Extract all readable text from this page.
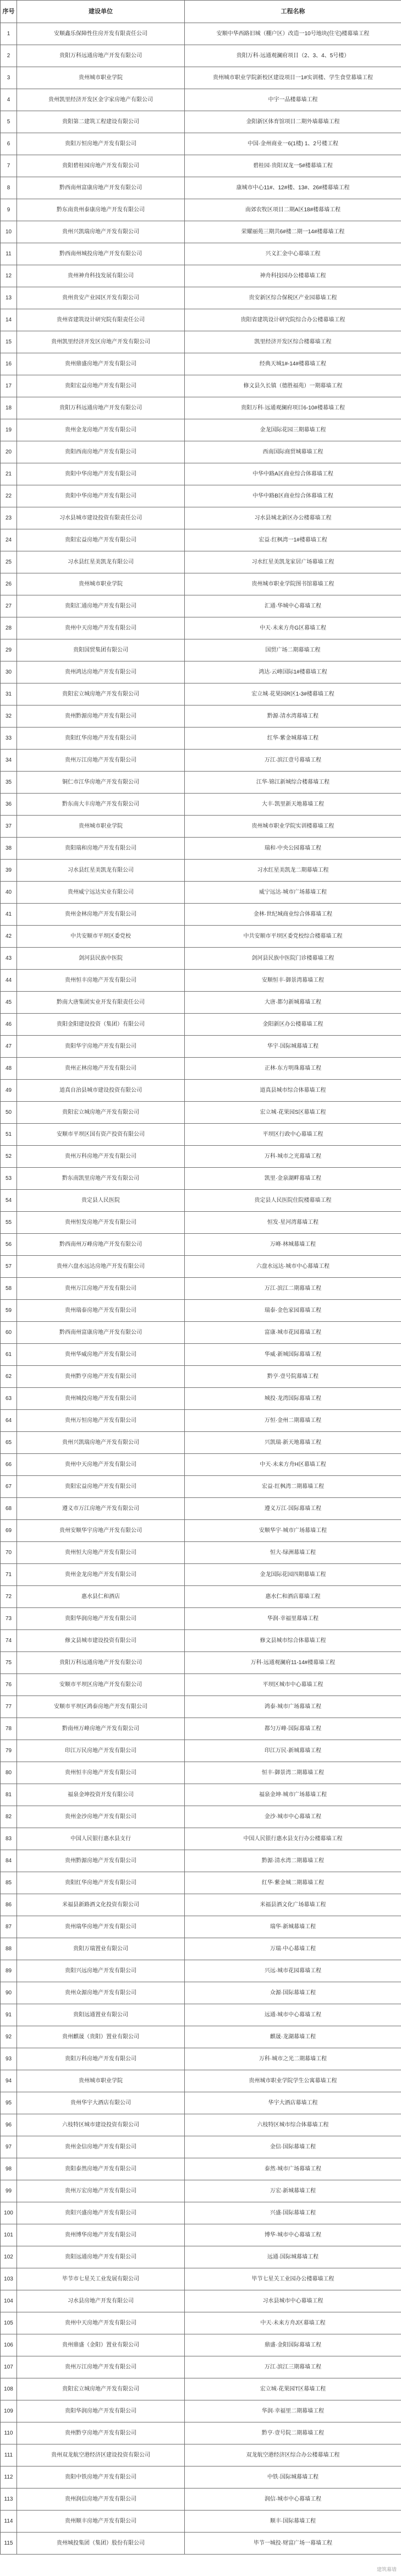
序号	建设单位	工程名称
1	安顺鑫乐保障性住房开发有限责任公司	安顺中华西路旧城（棚户区）改造一10号地块(住宅)楼幕墙工程
2	贵阳万科远通房地产开发有限公司	贵阳万科·远通观澜府项目（2、3、4、5号楼）
3	贵州城市职业学院	贵州城市职业学院新校区建设项目一1#实训楼、学生食堂幕墙工程
4	贵州凯里经济开发区金字家房地产有限公司	中宇一品楼幕墙工程
5	贵阳第二建筑工程建设有限公司	金阳新区体育馆项目二期外墙幕墙工程
6	贵阳万恒房地产开发有限公司	中国·金州商业一6(1楼) 1、2号楼工程
7	贵阳碧桂园房地产开发有限公司	碧桂园·贵阳双龙一5#楼幕墙工程
8	黔西南州富康房地产开发有限公司	康城市中心11#、12#楼、13#、26#楼幕墙工程
9	黔东南贵州泰康房地产开发有限公司	南郊农牧区项目二期A区18#楼幕墙工程
10	贵州兴凯瑞房地产开发有限公司	荣耀丽苑三期共6#楼二期一14#楼幕墙工程
11	黔西南州城投房地产开发有限公司	兴义汇金中心幕墙工程
12	贵州神舟科技发展有限公司	神舟科技园办公楼幕墙工程
13	贵州贵安产业园区开发有限公司	贵安新区综合保税区产业园幕墙工程
14	贵州省建筑设计研究院有限责任公司	贵阳省建筑设计研究院综合办公楼幕墙工程
15	贵州凯里经济开发区房地产开发有限公司	凯里经济开发区综合楼幕墙工程
16	贵州鼎盛房地产开发有限公司	经典天城1#-14#楼幕墙工程
17	贵阳宏益房地产开发有限公司	修文县久长镇（德胜福苑）一期幕墙工程
18	贵阳万科远通房地产开发有限公司	贵阳万科·远通观澜府项目6-10#楼幕墙工程
19	贵州金龙房地产开发有限公司	金龙国际花园三期幕墙工程
20	贵阳西南房地产开发有限公司	西南国际商贸城幕墙工程
21	贵阳中华房地产开发有限公司	中华中路A区商业综合体幕墙工程
22	贵阳中华房地产开发有限公司	中华中路B区商业综合体幕墙工程
23	习水县城市建设投资有限责任公司	习水县城北新区办公楼幕墙工程
24	贵阳宏益房地产开发有限公司	宏益·红枫湾一1#楼幕墙工程
25	习水县红星美凯龙有限公司	习水红星美凯龙家居广场幕墙工程
26	贵州城市职业学院	贵州城市职业学院图书馆幕墙工程
27	贵阳汇通房地产开发有限公司	汇通·华城中心幕墙工程
28	贵州中天房地产开发有限公司	中天·未来方舟G区幕墙工程
29	贵阳国贸集团有限公司	国贸广场二期幕墙工程
30	贵州鸿达房地产开发有限公司	鸿达·云峰国际1#楼幕墙工程
31	贵阳宏立城房地产开发有限公司	宏立城·花果园R区1-3#楼幕墙工程
32	贵州黔源房地产开发有限公司	黔源·清水湾幕墙工程
33	贵阳红华房地产开发有限公司	红华·紫金城幕墙工程
34	贵州万江房地产开发有限公司	万江·滨江壹号幕墙工程
35	铜仁市江华房地产开发有限公司	江华·锦江新城综合楼幕墙工程
36	黔东南大丰房地产开发有限公司	大丰·凯里新天地幕墙工程
37	贵州城市职业学院	贵州城市职业学院实训楼幕墙工程
38	贵阳瑞和房地产开发有限公司	瑞和·中央公园幕墙工程
39	习水县红星美凯龙有限公司	习水红星美凯龙二期幕墙工程
40	贵州威宁远达实业有限公司	威宁远达·城市广场幕墙工程
41	贵州金林房地产开发有限公司	金林·世纪城商业综合体幕墙工程
42	中共安顺市平坝区委党校	中共安顺市平坝区委党校综合楼幕墙工程
43	剑河县民族中医院	剑河县民族中医院门诊楼幕墙工程
44	贵州恒丰房地产开发有限公司	安顺恒丰·御景湾幕墙工程
45	黔南大唐集团实业开发有限责任公司	大唐·都匀新城幕墙工程
46	贵阳金阳建设投资（集团）有限公司	金阳新区办公楼幕墙工程
47	贵阳华宇房地产开发有限公司	华宇·国际城幕墙工程
48	贵州正林房地产开发有限公司	正林·东方明珠幕墙工程
49	道真自治县城市建设投资有限公司	道真县城市综合体幕墙工程
50	贵阳宏立城房地产开发有限公司	宏立城·花果园S区幕墙工程
51	安顺市平坝区国有资产投资有限公司	平坝区行政中心幕墙工程
52	贵州万科房地产开发有限公司	万科·城市之光幕墙工程
53	黔东南凯里房地产开发有限公司	凯里·金泉湖畔幕墙工程
54	贵定县人民医院	贵定县人民医院住院楼幕墙工程
55	贵州恒发房地产开发有限公司	恒发·星河湾幕墙工程
56	黔西南州万峰房地产开发有限公司	万峰·林城幕墙工程
57	贵州六盘水远达房地产开发有限公司	六盘水远达·城市中心幕墙工程
58	贵州万江房地产开发有限公司	万江·滨江二期幕墙工程
59	贵州瑞泰房地产开发有限公司	瑞泰·金色家园幕墙工程
60	黔西南州富康房地产开发有限公司	富康·城市花园幕墙工程
61	贵州华威房地产开发有限公司	华威·新城国际幕墙工程
62	贵州黔亨房地产开发有限公司	黔亨·壹号院幕墙工程
63	贵州城投房地产开发有限公司	城投·龙湾国际幕墙工程
64	贵州万恒房地产开发有限公司	万恒·金州二期幕墙工程
65	贵州兴凯瑞房地产开发有限公司	兴凯瑞·新天地幕墙工程
66	贵州中天房地产开发有限公司	中天·未来方舟H区幕墙工程
67	贵阳宏益房地产开发有限公司	宏益·红枫湾二期幕墙工程
68	遵义市万江房地产开发有限公司	遵义万江·国际幕墙工程
69	贵州安顺华宇房地产开发有限公司	安顺华宇·城市广场幕墙工程
70	贵州恒大房地产开发有限公司	恒大·绿洲幕墙工程
71	贵州金龙房地产开发有限公司	金龙国际花园四期幕墙工程
72	惠水县仁和酒店	惠水仁和酒店幕墙工程
73	贵阳华润房地产开发有限公司	华润·幸福里幕墙工程
74	修文县城市建设投资有限公司	修文县城市综合体幕墙工程
75	贵阳万科远通房地产开发有限公司	万科·远通观澜府11-14#楼幕墙工程
76	安顺市平坝区房地产开发有限公司	平坝区城市中心幕墙工程
77	安顺市平坝区鸿泰房地产开发有限公司	鸿泰·城市广场幕墙工程
78	黔南州万峰房地产开发有限公司	都匀万峰·国际幕墙工程
79	印江万民房地产开发有限公司	印江万民·新城幕墙工程
80	贵州恒丰房地产开发有限公司	恒丰·御景湾二期幕墙工程
81	福泉金坤投资开发有限公司	福泉金坤·城市广场幕墙工程
82	贵州金沙房地产开发有限公司	金沙·城市中心幕墙工程
83	中国人民银行惠水县支行	中国人民银行惠水县支行办公楼幕墙工程
84	贵州黔源房地产开发有限公司	黔源·清水湾二期幕墙工程
85	贵阳红华房地产开发有限公司	红华·紫金城二期幕墙工程
86	米福县新路酒文化投资有限公司	米福县酒文化广场幕墙工程
87	贵州瑞华房地产开发有限公司	瑞华·新城幕墙工程
88	贵阳万瑞置业有限公司	万瑞·中心幕墙工程
89	贵阳兴远房地产开发有限公司	兴远·城市花园幕墙工程
90	贵州众源房地产开发有限公司	众源·国际幕墙工程
91	贵阳远通置业有限公司	远通·城市中心幕墙工程
92	贵州麒晟（贵阳）置业有限公司	麒晟·龙湖幕墙工程
93	贵阳万科房地产开发有限公司	万科·城市之光二期幕墙工程
94	贵州城市职业学院	贵州城市职业学院学生公寓幕墙工程
95	贵州华宇大酒店有限公司	华宇大酒店幕墙工程
96	六枝特区城市建设投资有限公司	六枝特区城市综合体幕墙工程
97	贵州金信房地产开发有限公司	金信·国际幕墙工程
98	贵阳泰然房地产开发有限公司	泰然·城市广场幕墙工程
99	贵州万宏房地产开发有限公司	万宏·新城幕墙工程
100	贵阳兴盛房地产开发有限公司	兴盛·国际幕墙工程
101	贵州博华房地产开发有限公司	博华·城市中心幕墙工程
102	贵阳远通房地产开发有限公司	远通·国际城幕墙工程
103	毕节市七星关工业发展有限公司	毕节七星关工业园办公楼幕墙工程
104	习水县房地产开发有限公司	习水县城市中心幕墙工程
105	贵州中天房地产开发有限公司	中天·未来方舟J区幕墙工程
106	贵州鼎盛（金阳）置业有限公司	鼎盛·金阳国际幕墙工程
107	贵州万江房地产开发有限公司	万江·滨江三期幕墙工程
108	贵阳宏立城房地产开发有限公司	宏立城·花果园T区幕墙工程
109	贵阳华润房地产开发有限公司	华润·幸福里二期幕墙工程
110	贵州黔亨房地产开发有限公司	黔亨·壹号院二期幕墙工程
111	贵州双龙航空港经济区建设投资有限公司	双龙航空港经济区综合办公楼幕墙工程
112	贵阳中铁房地产开发有限公司	中铁·国际城幕墙工程
113	贵州润信房地产开发有限公司	润信·城市中心幕墙工程
114	贵州顺丰房地产开发有限公司	顺丰·国际幕墙工程
115	贵州城投集团（集团）股份有限公司	毕节一城投·财富广场一幕墙工程
建筑幕墙
